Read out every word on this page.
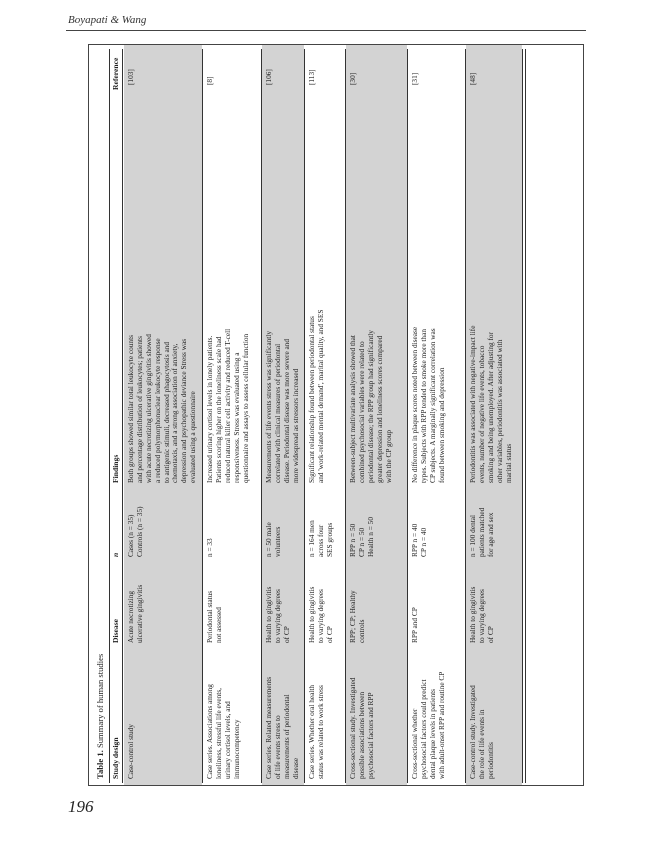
Boyapati & Wang
Table 1. Summary of human studies
Study design
Disease
n
Findings
Reference
Case-control study
Acute necrotizing ulcerative gingivitis
Cases (n = 35) Controls (n = 35)
Both groups showed similar total leukocyte counts and percentage distribution of leukocytes; patients with acute necrotizing ulcerative gingivitis showed a reduced polymorphonuclear leukocyte response to antigenic stimuli, decreased phagocytosis and chemotaxis, and a strong association of anxiety, depression and psychopathic deviance Stress was evaluated using a questionnaire
[103]
Case series. Associations among loneliness, stressful life events, urinary cortisol levels, and immunocompetency
Periodontal status not assessed
n = 33
Increased urinary cortisol levels in lonely patients. Patients scoring higher on the loneliness scale had reduced natural killer cell activity and reduced T-cell responsiveness. Stress was evaluated using a questionnaire and assays to assess cellular function
[8]
Case series. Related measurements of life events stress to measurements of periodontal disease
Health to gingivitis to varying degrees of CP
n = 50 male volunteers
Measurements of life events stress was significantly correlated with clinical measures of periodontal disease. Periodontal disease was more severe and more widespread as stressors increased
[106]
Case series. Whether oral health status was related to work stress
Health to gingivitis to varying degrees of CP
n = 164 men across four SES groups
Significant relationship found between periodontal status and 'work-related mental demand', marital quality, and SES
[113]
Cross-sectional study. Investigated possible associations between psychosocial factors and RPP
RPP; CP; Healthy controls
RPP n = 50 CP n = 50 Health n = 50
Between-subject multivariate analysis showed that combined psychosocial variables were related to periodontal disease; the RPP group had significantly greater depression and loneliness scores compared with the CP group
[30]
Cross-sectional whether psychosocial factors could predict dental plaque levels in patients with adult-onset RPP and routine CP
RPP and CP
RPP n = 40 CP n = 40
No difference in plaque scores noted between disease types. Subjects with RPP tended to smoke more than CP subjects. A marginally significant correlation was found between smoking and depression
[31]
Case-control study. Investigated the role of life events in periodontitis
Health to gingivitis to varying degrees of CP
n = 100 dental patients matched for age and sex
Periodontitis was associated with negative-impact life events, number of negative life events, tobacco smoking and being unemployed. After adjusting for other variables, periodontitis was associated with marital status
[48]
196
